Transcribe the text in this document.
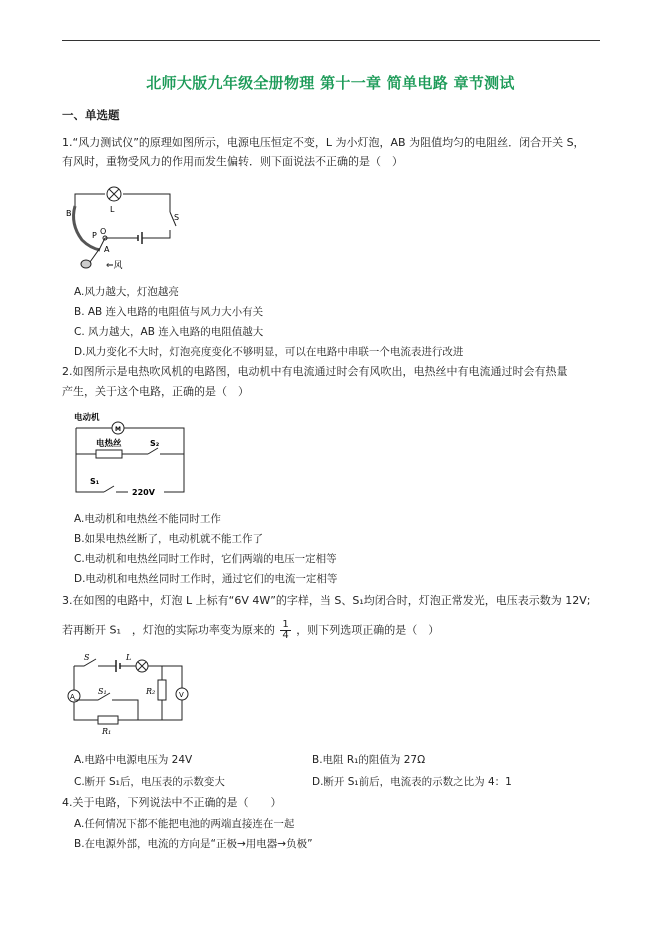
北师大版九年级全册物理 第十一章 简单电路 章节测试
一、单选题
1.“风力测试仪”的原理如图所示，电源电压恒定不变，L 为小灯泡，AB 为阻值均匀的电阻丝．闭合开关 S，
有风时，重物受风力的作用而发生偏转．则下面说法不正确的是（　）
B	L
S
P O
A
⇐风
A.风力越大，灯泡越亮
B. AB 连入电路的电阻值与风力大小有关
C. 风力越大，AB 连入电路的电阻值越大
D.风力变化不大时，灯泡亮度变化不够明显，可以在电路中串联一个电流表进行改进
2.如图所示是电热吹风机的电路图，电动机中有电流通过时会有风吹出，电热丝中有电流通过时会有热量
产生，关于这个电路，正确的是（　）
电动机
M
电热丝	S₂
S₁
220V
A.电动机和电热丝不能同时工作
B.如果电热丝断了，电动机就不能工作了
C.电动机和电热丝同时工作时，它们两端的电压一定相等
D.电动机和电热丝同时工作时，通过它们的电流一定相等
3.在如图的电路中，灯泡 L 上标有“6V 4W”的字样，当 S、S₁均闭合时，灯泡正常发光，电压表示数为 12V;
若再断开 S₁　，灯泡的实际功率变为原来的 $\frac{1}{4}$ ，则下列选项正确的是（　）
S	L
A	V
S₁
R₁
R₂
A.电路中电源电压为 24V	B.电阻 R₁的阻值为 27Ω
C.断开 S₁后，电压表的示数变大	D.断开 S₁前后，电流表的示数之比为 4：1
4.关于电路，下列说法中不正确的是（　　）
A.任何情况下都不能把电池的两端直接连在一起
B.在电源外部，电流的方向是“正极→用电器→负极”
